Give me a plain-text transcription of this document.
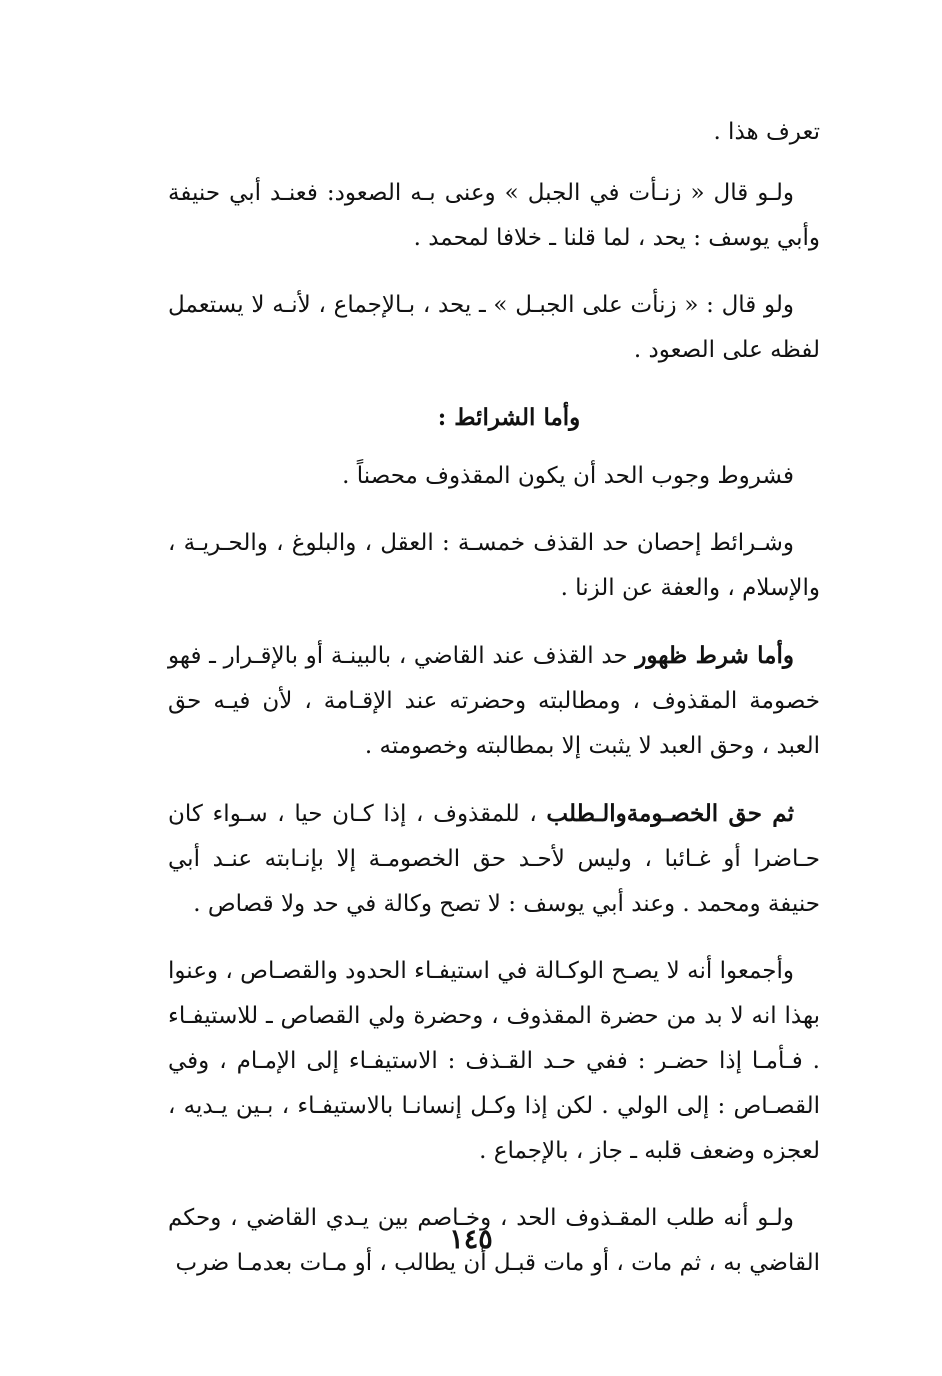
تعرف هذا .

ولـو قال « زنـأت في الجبل » وعنى بـه الصعود: فعنـد أبي حنيفة وأبي يوسف : يحد ، لما قلنا ـ خلافا لمحمد .

ولو قال : « زنأت على الجبـل » ـ يحد ، بـالإجماع ، لأنـه لا يستعمل لفظه على الصعود .

وأما الشرائط :

فشروط وجوب الحد أن يكون المقذوف محصناً .

وشـرائط إحصان حد القذف خمسـة : العقل ، والبلوغ ، والحـريـة ، والإسلام ، والعفة عن الزنا .

وأما شرط ظهور حد القذف عند القاضي ، بالبينـة أو بالإقـرار ـ فهو خصومة المقذوف ، ومطالبته وحضرته عند الإقـامة ، لأن فيـه حق العبد ، وحق العبد لا يثبت إلا بمطالبته وخصومته .

ثم حق الخصـومةوالـطلب ، للمقذوف ، إذا كـان حيا ، سـواء كان حـاضرا أو غـائبا ، وليس لأحـد حق الخصومـة إلا بإنـابته عنـد أبي حنيفة ومحمد . وعند أبي يوسف : لا تصح وكالة في حد ولا قصاص .

وأجمعوا أنه لا يصـح الوكـالة في استيفـاء الحدود والقصـاص ، وعنوا بهذا انه لا بد من حضرة المقذوف ، وحضرة ولي القصاص ـ للاستيفـاء . فـأمـا إذا حضـر : ففي حـد القـذف : الاستيفـاء إلى الإمـام ، وفي القصـاص : إلى الولي . لكن إذا وكـل إنسانـا بالاستيفـاء ، بـين يـديه ، لعجزه وضعف قلبه ـ جاز ، بالإجماع .

ولـو أنه طلب المقـذوف الحد ، وخـاصم بين يـدي القاضي ، وحكم القاضي به ، ثم مات ، أو مات قبـل أن يطالب ، أو مـات بعدمـا ضرب

١٤٥
